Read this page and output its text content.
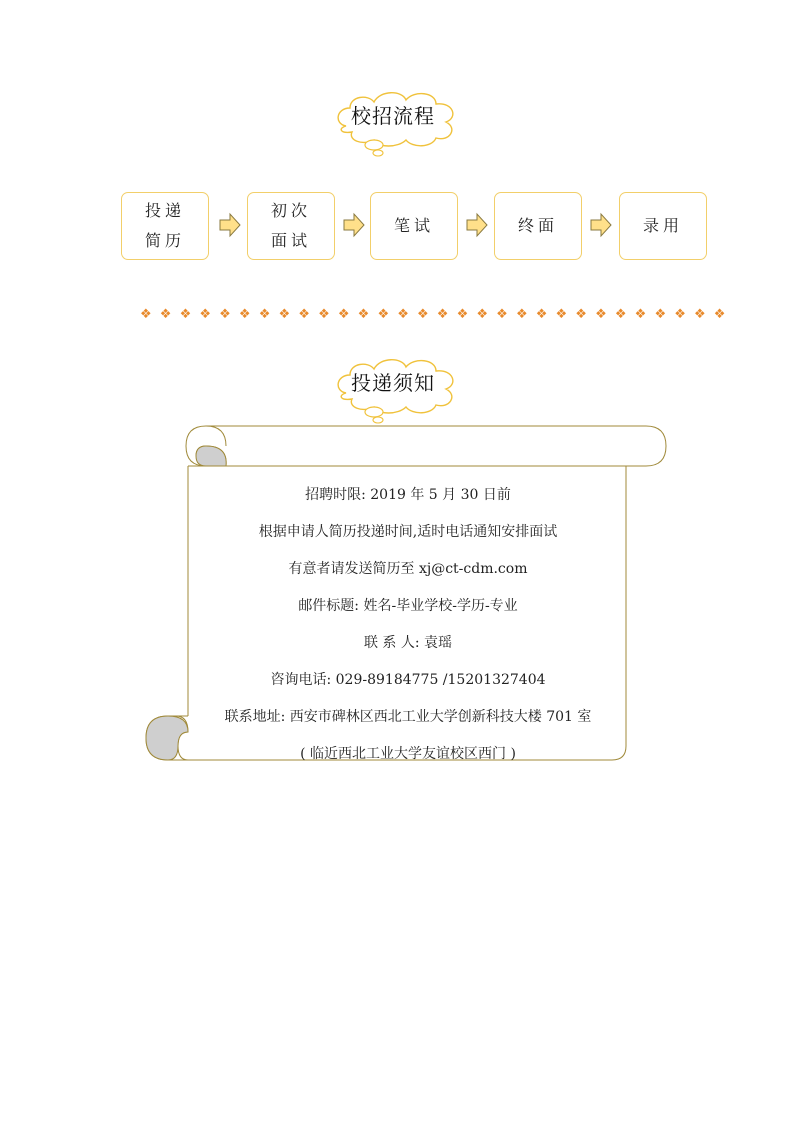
校招流程
投递
简历
初次
面试
笔试	终面	录用
❖ ❖ ❖ ❖ ❖ ❖ ❖ ❖ ❖ ❖ ❖ ❖ ❖ ❖ ❖ ❖ ❖ ❖ ❖ ❖ ❖ ❖ ❖ ❖ ❖ ❖ ❖ ❖ ❖ ❖
投递须知
招聘时限: 2019 年 5 月 30 日前
根据申请人简历投递时间,适时电话通知安排面试
有意者请发送简历至 xj@ct-cdm.com
邮件标题: 姓名-毕业学校-学历-专业
联 系 人: 袁瑶
咨询电话: 029-89184775 /15201327404
联系地址: 西安市碑林区西北工业大学创新科技大楼 701 室
( 临近西北工业大学友谊校区西门 )
